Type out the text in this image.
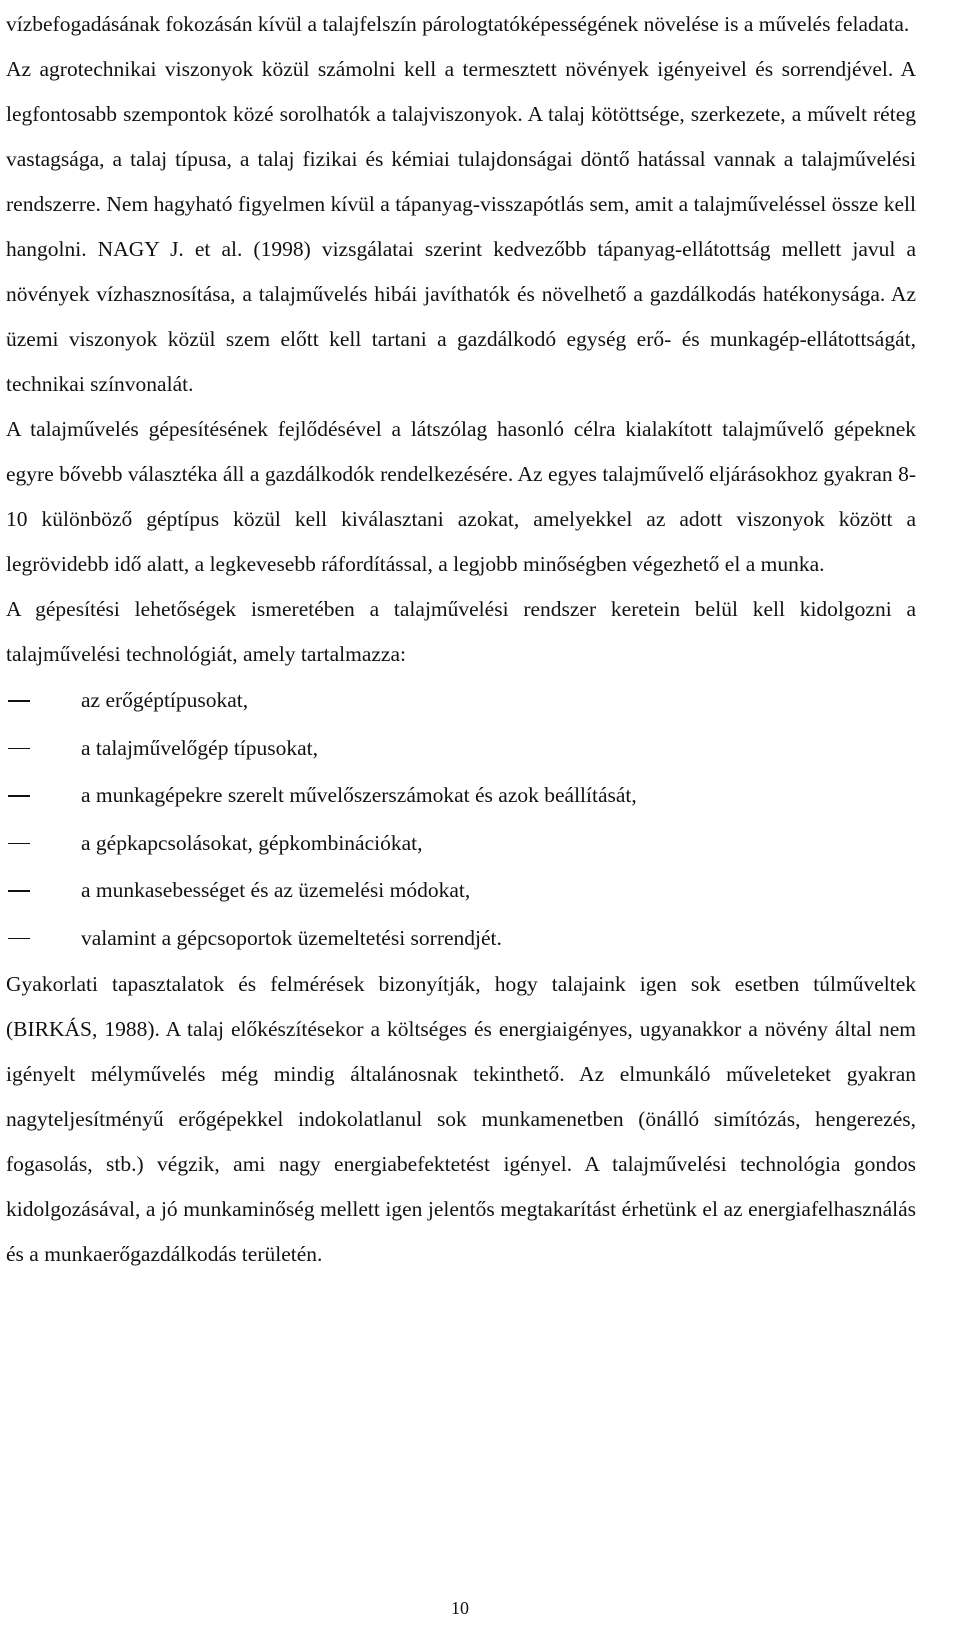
vízbefogadásának fokozásán kívül a talajfelszín párologtatóképességének növelése is a művelés feladata.

Az agrotechnikai viszonyok közül számolni kell a termesztett növények igényeivel és sorrendjével. A legfontosabb szempontok közé sorolhatók a talajviszonyok. A talaj kötöttsége, szerkezete, a művelt réteg vastagsága, a talaj típusa, a talaj fizikai és kémiai tulajdonságai döntő hatással vannak a talajművelési rendszerre. Nem hagyható figyelmen kívül a tápanyag-visszapótlás sem, amit a talajműveléssel össze kell hangolni. NAGY J. et al. (1998) vizsgálatai szerint kedvezőbb tápanyag-ellátottság mellett javul a növények vízhasznosítása, a talajművelés hibái javíthatók és növelhető a gazdálkodás hatékonysága. Az üzemi viszonyok közül szem előtt kell tartani a gazdálkodó egység erő- és munkagép-ellátottságát, technikai színvonalát.

A talajművelés gépesítésének fejlődésével a látszólag hasonló célra kialakított talajművelő gépeknek egyre bővebb választéka áll a gazdálkodók rendelkezésére. Az egyes talajművelő eljárásokhoz gyakran 8-10 különböző géptípus közül kell kiválasztani azokat, amelyekkel az adott viszonyok között a legrövidebb idő alatt, a legkevesebb ráfordítással, a legjobb minőségben végezhető el a munka.

A gépesítési lehetőségek ismeretében a talajművelési rendszer keretein belül kell kidolgozni a talajművelési technológiát, amely tartalmazza:

az erőgéptípusokat,
a talajművelőgép típusokat,
a munkagépekre szerelt művelőszerszámokat és azok beállítását,
a gépkapcsolásokat, gépkombinációkat,
a munkasebességet és az üzemelési módokat,
valamint a gépcsoportok üzemeltetési sorrendjét.

Gyakorlati tapasztalatok és felmérések bizonyítják, hogy talajaink igen sok esetben túlműveltek (BIRKÁS, 1988). A talaj előkészítésekor a költséges és energiaigényes, ugyanakkor a növény által nem igényelt mélyművelés még mindig általánosnak tekinthető. Az elmunkáló műveleteket gyakran nagyteljesítményű erőgépekkel indokolatlanul sok munkamenetben (önálló simítózás, hengerezés, fogasolás, stb.) végzik, ami nagy energiabefektetést igényel. A talajművelési technológia gondos kidolgozásával, a jó munkaminőség mellett igen jelentős megtakarítást érhetünk el az energiafelhasználás és a munkaerőgazdálkodás területén.

10
